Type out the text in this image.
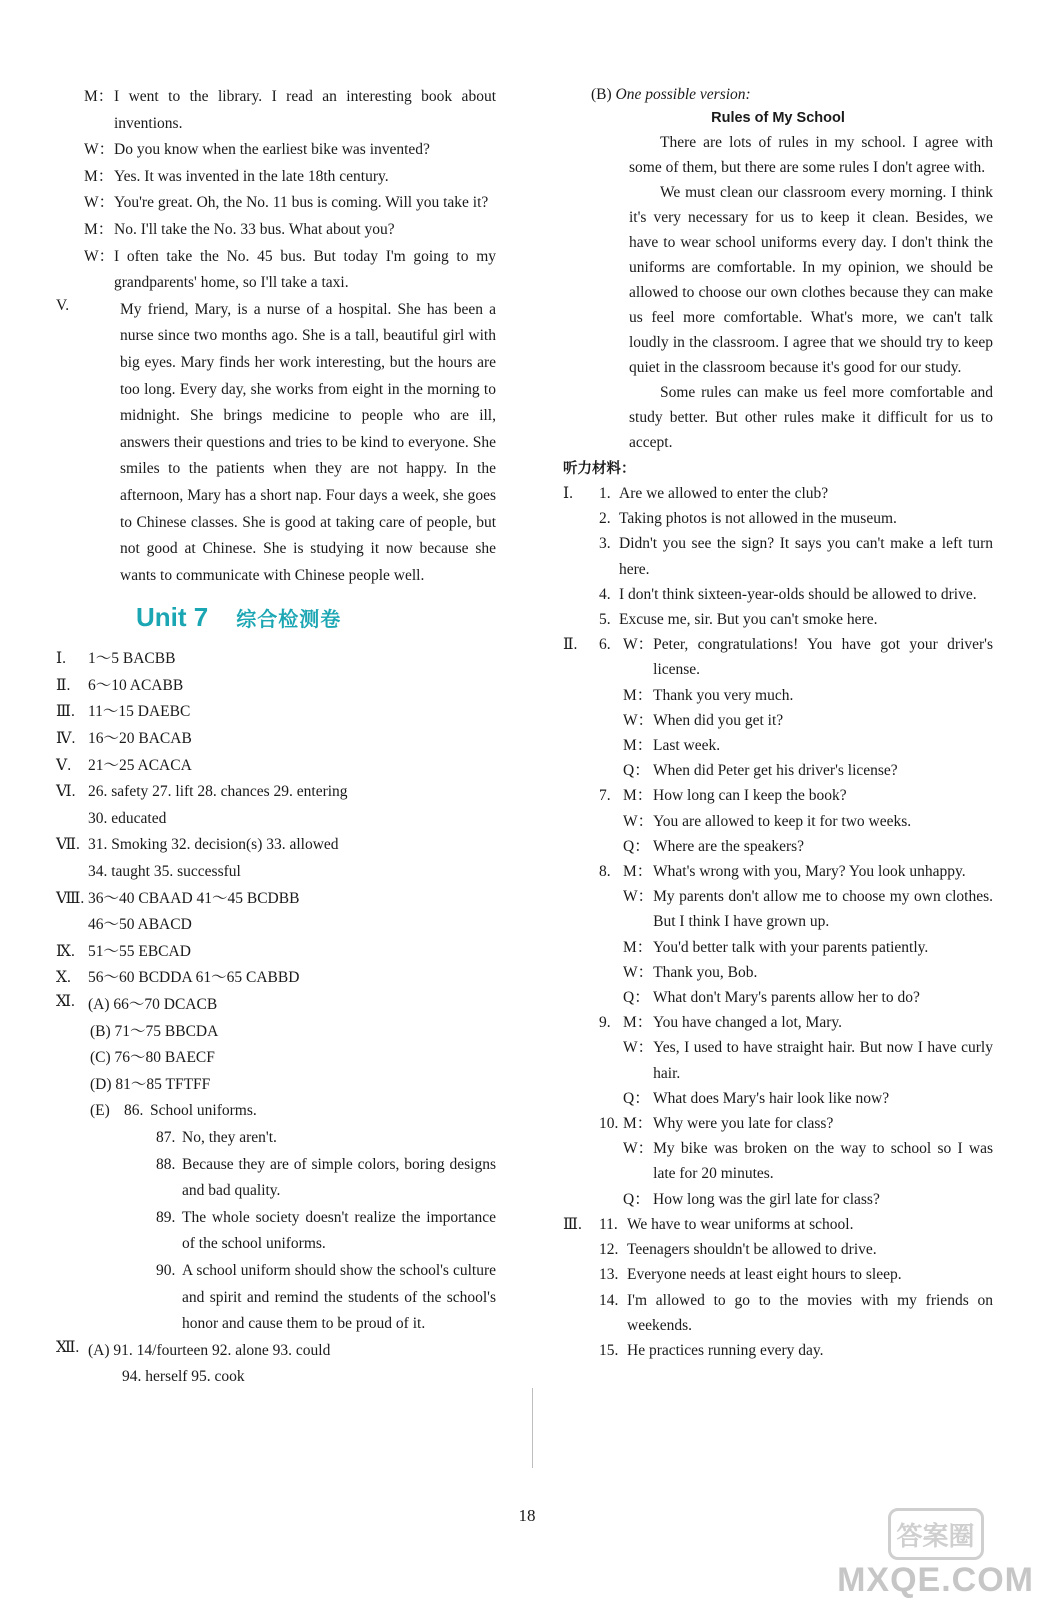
M： I went to the library. I read an interesting book about inventions.
W： Do you know when the earliest bike was invented?
M： Yes. It was invented in the late 18th century.
W： You're great. Oh, the No. 11 bus is coming. Will you take it?
M： No. I'll take the No. 33 bus. What about you?
W： I often take the No. 45 bus. But today I'm going to my grandparents' home, so I'll take a taxi.
V.	My friend, Mary, is a nurse of a hospital. She has been a nurse since two months ago. She is a tall, beautiful girl with big eyes. Mary finds her work interesting, but the hours are too long. Every day, she works from eight in the morning to midnight. She brings medicine to people who are ill, answers their questions and tries to be kind to everyone. She smiles to the patients when they are not happy. In the afternoon, Mary has a short nap. Four days a week, she goes to Chinese classes. She is good at taking care of people, but not good at Chinese. She is studying it now because she wants to communicate with Chinese people well.
Unit 7 综合检测卷
Ⅰ.	1～5 BACBB
Ⅱ.	6～10 ACABB
Ⅲ. 11～15 DAEBC
Ⅳ. 16～20 BACAB
Ⅴ.	21～25 ACACA
Ⅵ. 26. safety 27. lift 28. chances 29. entering
30. educated
Ⅶ. 31. Smoking 32. decision(s) 33. allowed
34. taught 35. successful
Ⅷ. 36～40 CBAAD 41～45 BCDBB
46～50 ABACD
Ⅸ. 51～55 EBCAD
Ⅹ.	56～60 BCDDA 61～65 CABBD
Ⅺ. (A) 66～70 DCACB
(B) 71～75 BBCDA
(C) 76～80 BAECF
(D) 81～85 TFTFF
(E) 86. School uniforms.
87. No, they aren't.
88. Because they are of simple colors, boring designs and bad quality.
89. The whole society doesn't realize the importance of the school uniforms.
90. A school uniform should show the school's culture and spirit and remind the students of the school's honor and cause them to be proud of it.
Ⅻ. (A) 91. 14/fourteen 92. alone 93. could
94. herself 95. cook
(B) One possible version:
Rules of My School
There are lots of rules in my school. I agree with some of them, but there are some rules I don't agree with.
We must clean our classroom every morning. I think it's very necessary for us to keep it clean. Besides, we have to wear school uniforms every day. I don't think the uniforms are comfortable. In my opinion, we should be allowed to choose our own clothes because they can make us feel more comfortable. What's more, we can't talk loudly in the classroom. I agree that we should try to keep quiet in the classroom because it's good for our study.
Some rules can make us feel more comfortable and study better. But other rules make it difficult for us to accept.
听力材料：
Ⅰ.	1. Are we allowed to enter the club?
2. Taking photos is not allowed in the museum.
3. Didn't you see the sign? It says you can't make a left turn here.
4. I don't think sixteen-year-olds should be allowed to drive.
5. Excuse me, sir. But you can't smoke here.
Ⅱ.	6. W： Peter, congratulations! You have got your driver's license.
M： Thank you very much.
W： When did you get it?
M： Last week.
Q： When did Peter get his driver's license?
7. M： How long can I keep the book?
W： You are allowed to keep it for two weeks.
Q： Where are the speakers?
8. M： What's wrong with you, Mary? You look unhappy.
W： My parents don't allow me to choose my own clothes. But I think I have grown up.
M： You'd better talk with your parents patiently.
W： Thank you, Bob.
Q： What don't Mary's parents allow her to do?
9. M： You have changed a lot, Mary.
W： Yes, I used to have straight hair. But now I have curly hair.
Q： What does Mary's hair look like now?
10. M： Why were you late for class?
W： My bike was broken on the way to school so I was late for 20 minutes.
Q： How long was the girl late for class?
Ⅲ.	11. We have to wear uniforms at school.
12. Teenagers shouldn't be allowed to drive.
13. Everyone needs at least eight hours to sleep.
14. I'm allowed to go to the movies with my friends on weekends.
15. He practices running every day.
18
答案圈
MXQE.COM
